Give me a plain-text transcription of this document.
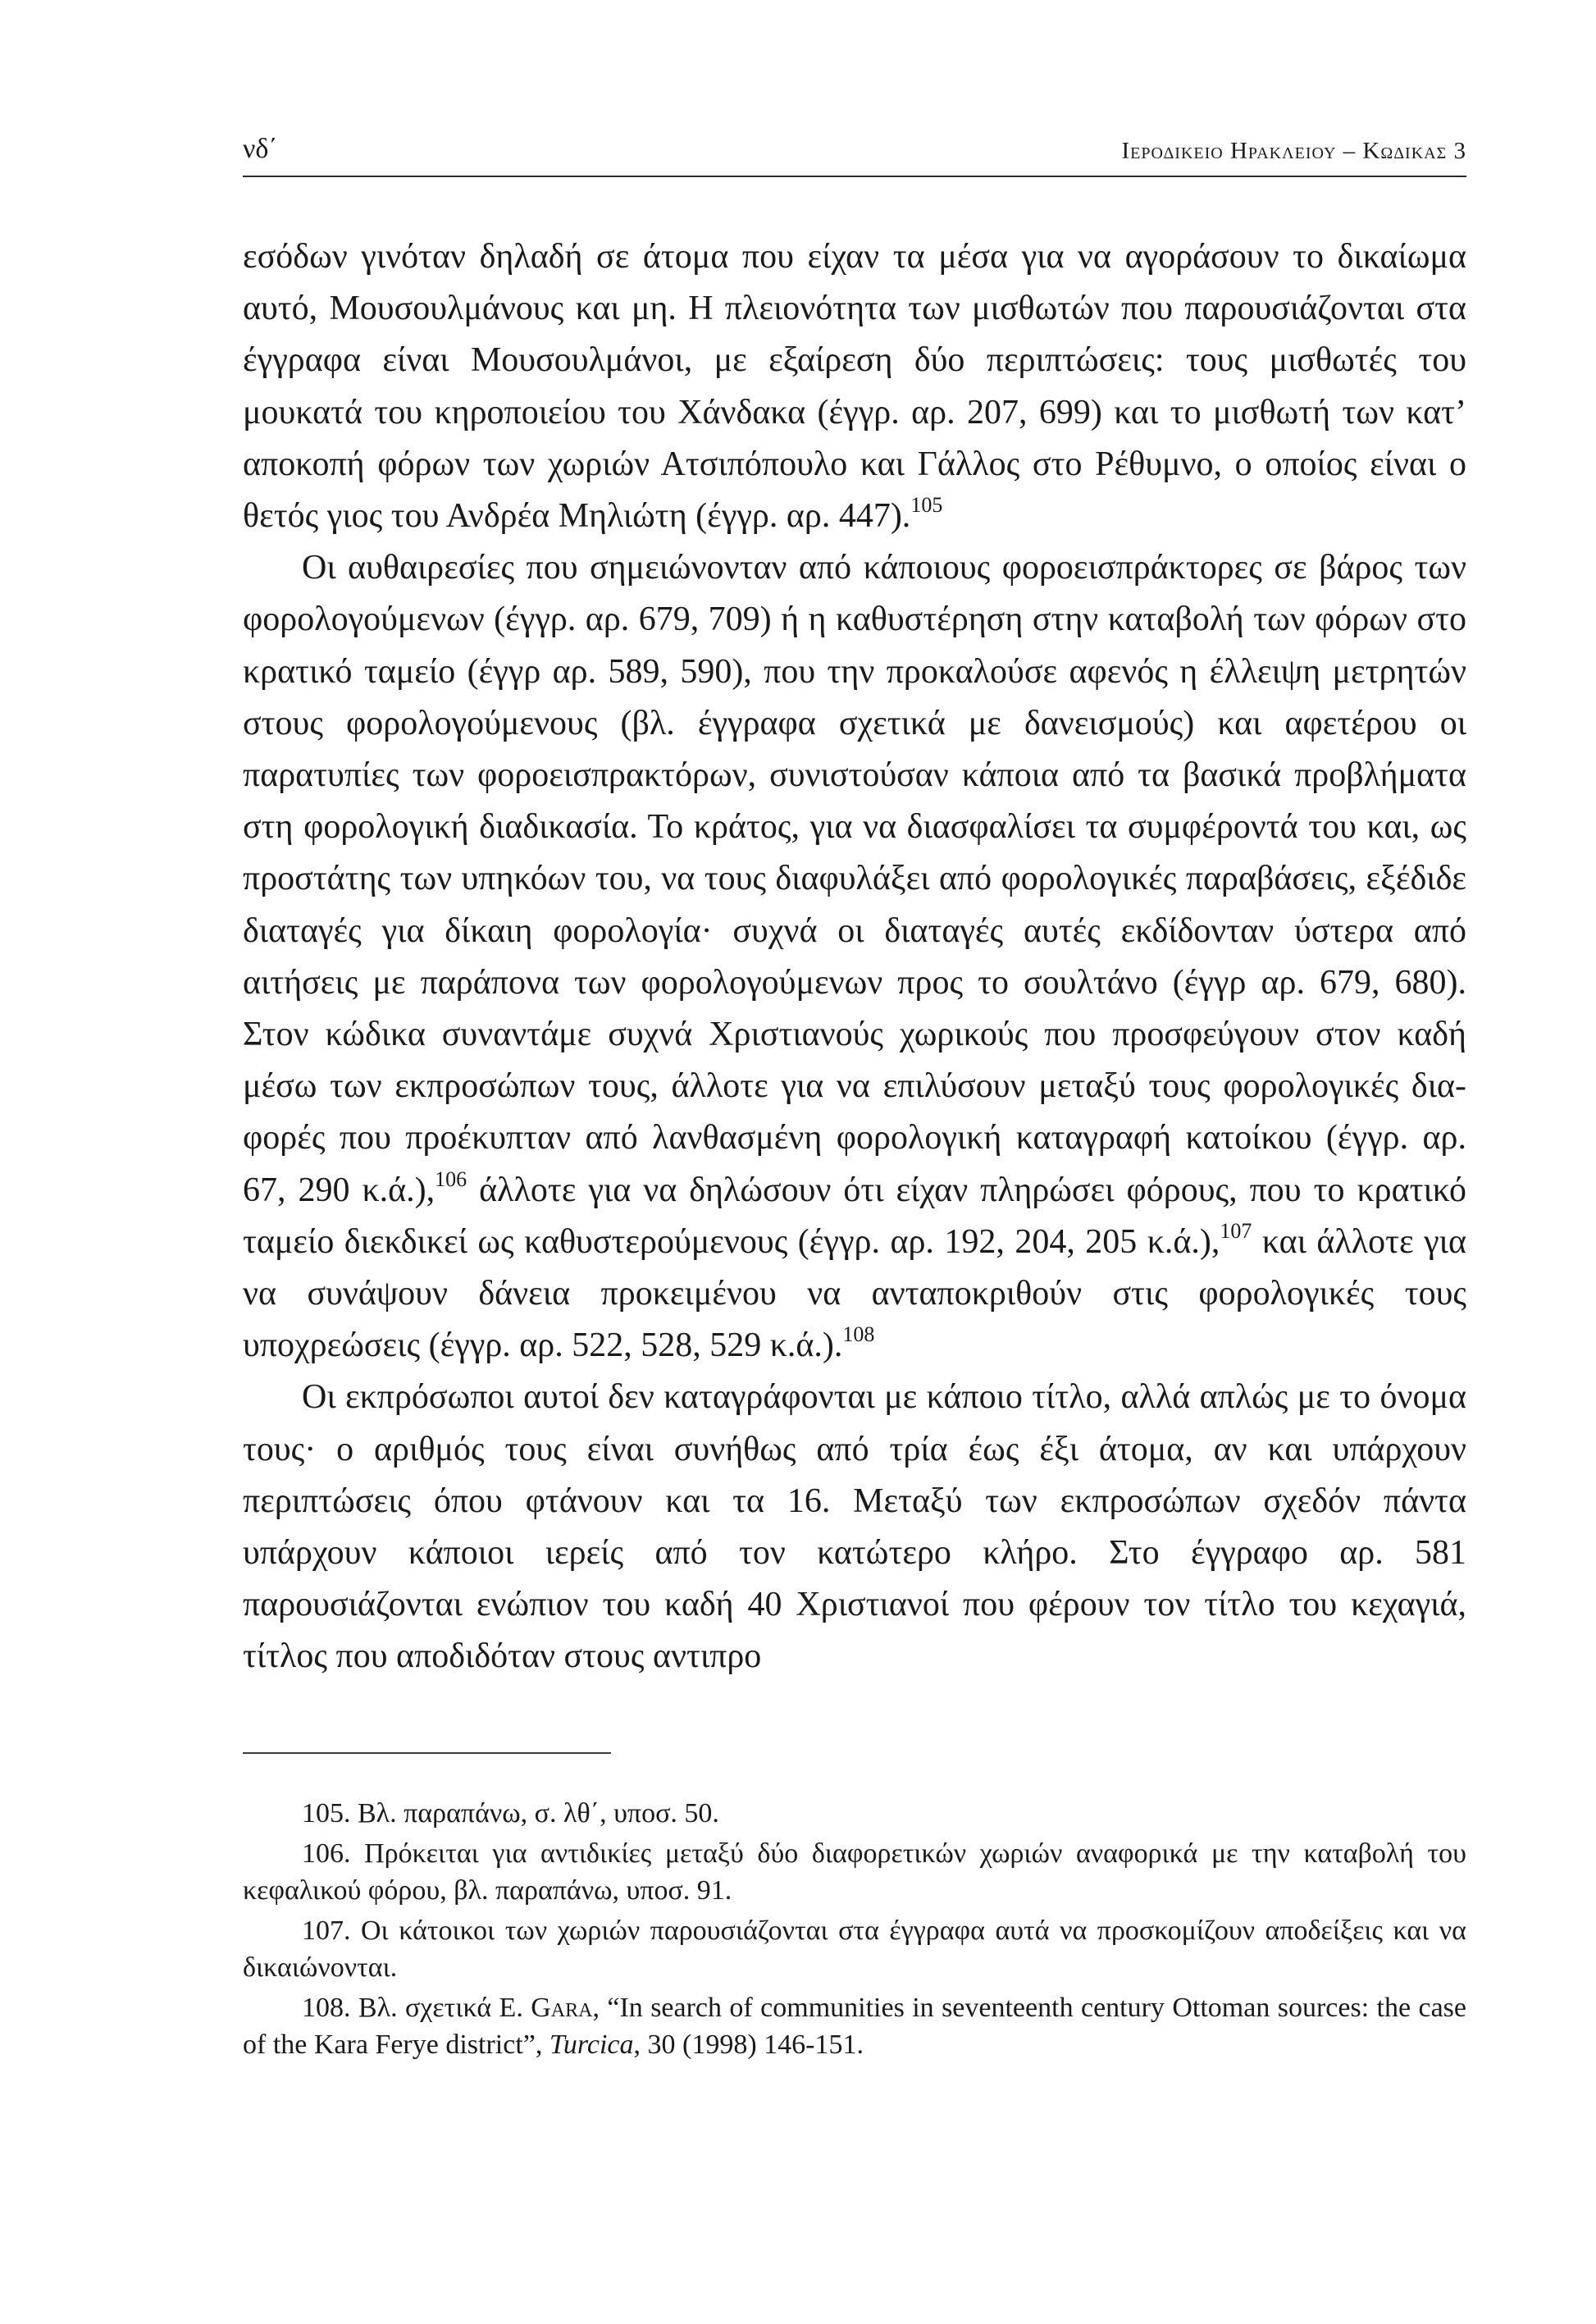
νδ΄	Ιεροδικειο Ηρακλειου – Κωδικας 3

εσόδων γινόταν δηλαδή σε άτομα που είχαν τα μέσα για να αγοράσουν το δικαίωμα αυτό, Μουσουλμάνους και μη. Η πλειονότητα των μισθωτών που παρουσιάζονται στα έγγραφα είναι Μουσουλμάνοι, με εξαίρεση δύο περιπτώσεις: τους μισθωτές του μουκατά του κηροποιείου του Χάνδακα (έγγρ. αρ. 207, 699) και το μισθωτή των κατ’ αποκοπή φόρων των χωριών Ατσιπόπουλο και Γάλλος στο Ρέθυμνο, ο οποίος είναι ο θετός γιος του Ανδρέα Μηλιώτη (έγγρ. αρ. 447).$^{105}$

Οι αυθαιρεσίες που σημειώνονταν από κάποιους φοροεισπράκτορες σε βάρος των φορολογούμενων (έγγρ. αρ. 679, 709) ή η καθυστέρηση στην καταβολή των φόρων στο κρατικό ταμείο (έγγρ αρ. 589, 590), που την προκαλούσε αφενός η έλλειψη μετρητών στους φορολογούμενους (βλ. έγγραφα σχετικά με δανεισμούς) και αφετέρου οι παρατυπίες των φοροεισπρακτόρων, συνιστούσαν κάποια από τα βασικά προβλήματα στη φορολογική διαδικασία. Το κράτος, για να διασφαλίσει τα συμφέροντά του και, ως προστάτης των υπηκόων του, να τους διαφυλάξει από φορολογικές παραβάσεις, εξέδιδε διαταγές για δίκαιη φορολογία· συχνά οι διαταγές αυτές εκδίδονταν ύστερα από αιτήσεις με παράπονα των φορολογούμενων προς το σουλτάνο (έγγρ αρ. 679, 680). Στον κώδικα συναντάμε συχνά Χριστιανούς χωρικούς που προσφεύγουν στον καδή μέσω των εκπροσώπων τους, άλλοτε για να επιλύσουν μεταξύ τους φορολογικές διαφορές που προέκυπταν από λανθασμένη φορολογική καταγραφή κατοίκου (έγγρ. αρ. 67, 290 κ.ά.),$^{106}$ άλλοτε για να δηλώσουν ότι είχαν πληρώσει φόρους, που το κρατικό ταμείο διεκδικεί ως καθυστερούμενους (έγγρ. αρ. 192, 204, 205 κ.ά.),$^{107}$ και άλλοτε για να συνάψουν δάνεια προκειμένου να ανταποκριθούν στις φορολογικές τους υποχρεώσεις (έγγρ. αρ. 522, 528, 529 κ.ά.).$^{108}$

Οι εκπρόσωποι αυτοί δεν καταγράφονται με κάποιο τίτλο, αλλά απλώς με το όνομα τους· ο αριθμός τους είναι συνήθως από τρία έως έξι άτομα, αν και υπάρχουν περιπτώσεις όπου φτάνουν και τα 16. Μεταξύ των εκπροσώπων σχεδόν πάντα υπάρχουν κάποιοι ιερείς από τον κατώτερο κλήρο. Στο έγγραφο αρ. 581 παρουσιάζονται ενώπιον του καδή 40 Χριστιανοί που φέρουν τον τίτλο του κεχαγιά, τίτλος που αποδιδόταν στους αντιπρο

105. Βλ. παραπάνω, σ. λθ΄, υποσ. 50.

106. Πρόκειται για αντιδικίες μεταξύ δύο διαφορετικών χωριών αναφορικά με την καταβολή του κεφαλικού φόρου, βλ. παραπάνω, υποσ. 91.

107. Οι κάτοικοι των χωριών παρουσιάζονται στα έγγραφα αυτά να προσκομίζουν αποδείξεις και να δικαιώνονται.

108. Βλ. σχετικά Ε. Gara, “In search of communities in seventeenth century Ottoman sources: the case of the Kara Ferye district”, Turcica, 30 (1998) 146-151.
